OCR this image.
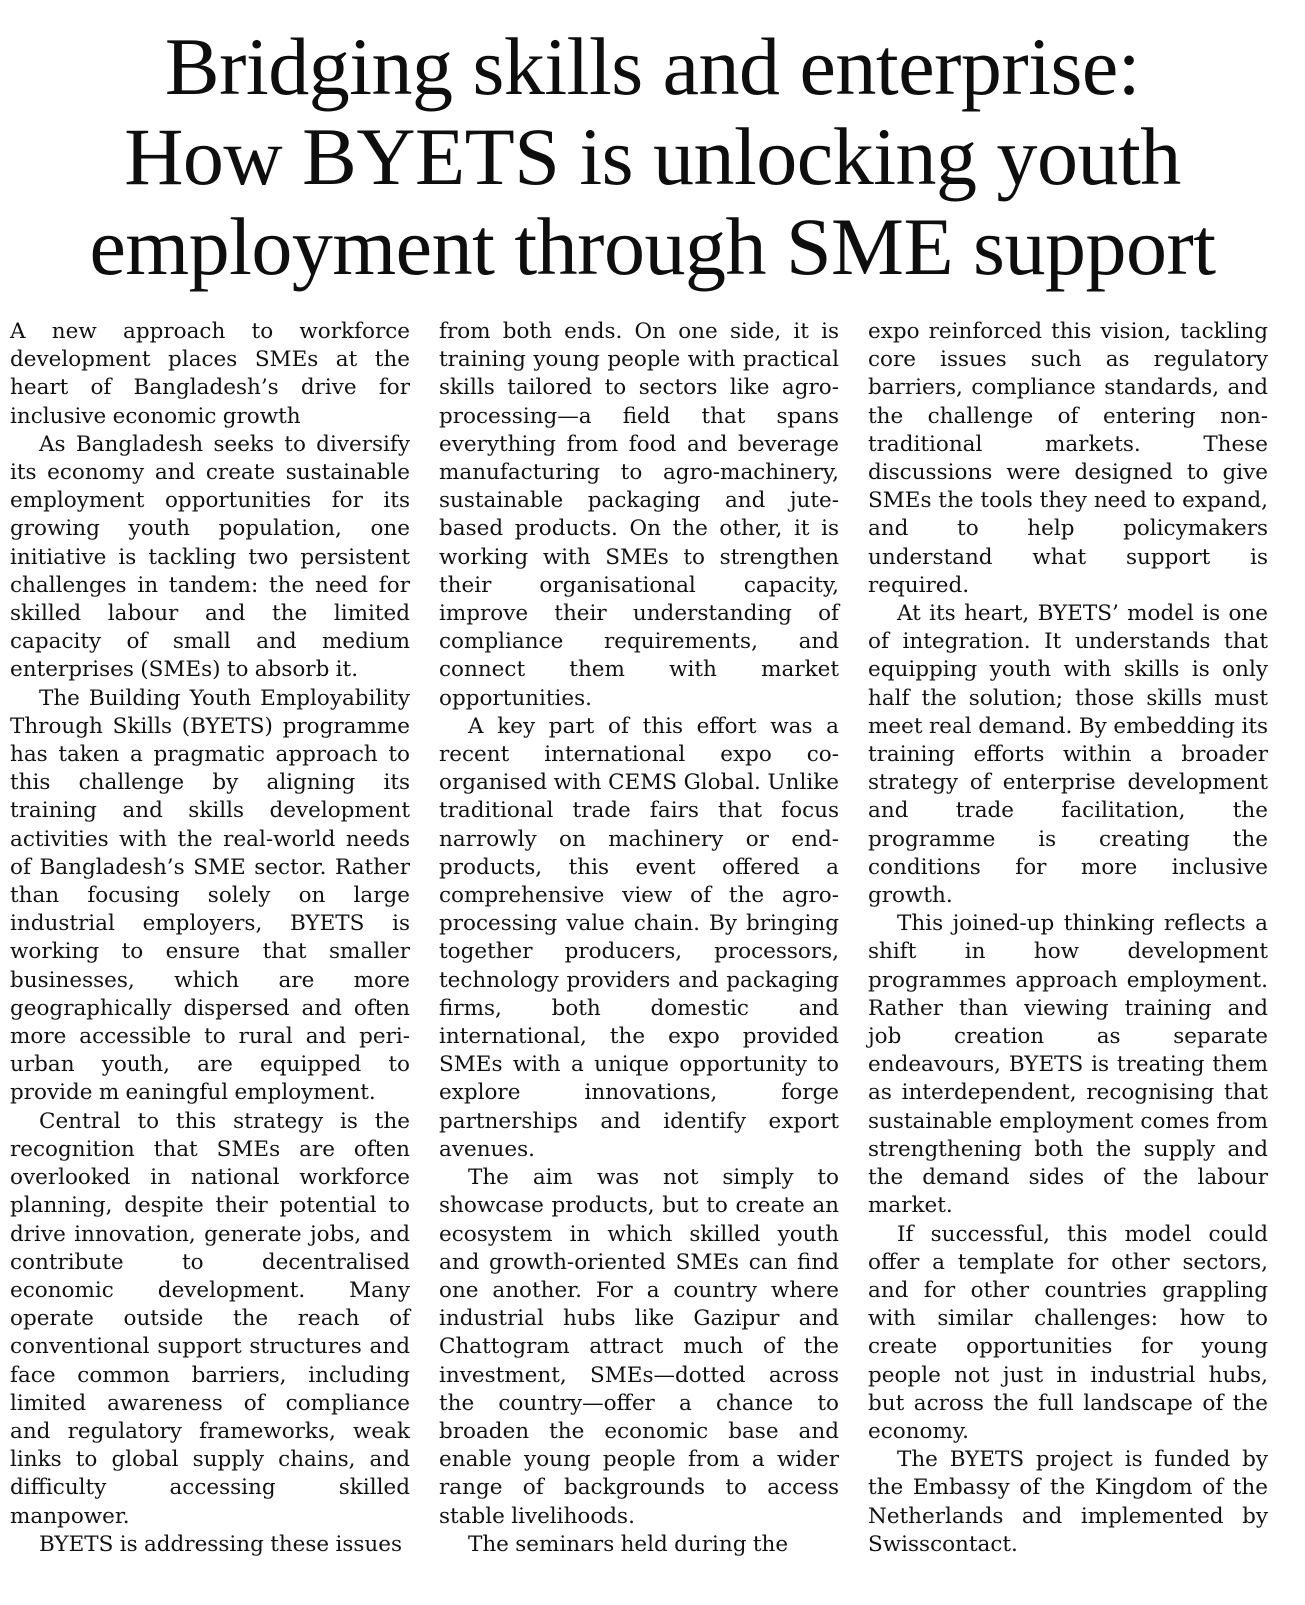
Bridging skills and enterprise:
How BYETS is unlocking youth
employment through SME support

A new approach to workforce development places SMEs at the heart of Bangladesh’s drive for inclusive economic growth

As Bangladesh seeks to diversify its economy and create sustainable employment opportunities for its growing youth population, one initiative is tackling two persistent challenges in tandem: the need for skilled labour and the limited capacity of small and medium enterprises (SMEs) to absorb it.

The Building Youth Employability Through Skills (BYETS) programme has taken a pragmatic approach to this challenge by aligning its training and skills development activities with the real-world needs of Bangladesh’s SME sector. Rather than focusing solely on large industrial employers, BYETS is working to ensure that smaller businesses, which are more geographically dispersed and often more accessible to rural and peri-urban youth, are equipped to provide m eaningful employment.

Central to this strategy is the recognition that SMEs are often overlooked in national workforce planning, despite their potential to drive innovation, generate jobs, and contribute to decentralised economic development. Many operate outside the reach of conventional support structures and face common barriers, including limited awareness of compliance and regulatory frameworks, weak links to global supply chains, and difficulty accessing skilled manpower.

BYETS is addressing these issues

from both ends. On one side, it is training young people with practical skills tailored to sectors like agro-processing—a field that spans everything from food and beverage manufacturing to agro-machinery, sustainable packaging and jute-based products. On the other, it is working with SMEs to strengthen their organisational capacity, improve their understanding of compliance requirements, and connect them with market opportunities.

A key part of this effort was a recent international expo co-organised with CEMS Global. Unlike traditional trade fairs that focus narrowly on machinery or end-products, this event offered a comprehensive view of the agro-processing value chain. By bringing together producers, processors, technology providers and packaging firms, both domestic and international, the expo provided SMEs with a unique opportunity to explore innovations, forge partnerships and identify export avenues.

The aim was not simply to showcase products, but to create an ecosystem in which skilled youth and growth-oriented SMEs can find one another. For a country where industrial hubs like Gazipur and Chattogram attract much of the investment, SMEs—dotted across the country—offer a chance to broaden the economic base and enable young people from a wider range of backgrounds to access stable livelihoods.

The seminars held during the

expo reinforced this vision, tackling core issues such as regulatory barriers, compliance standards, and the challenge of entering non-traditional markets. These discussions were designed to give SMEs the tools they need to expand, and to help policymakers understand what support is required.

At its heart, BYETS’ model is one of integration. It understands that equipping youth with skills is only half the solution; those skills must meet real demand. By embedding its training efforts within a broader strategy of enterprise development and trade facilitation, the programme is creating the conditions for more inclusive growth.

This joined-up thinking reflects a shift in how development programmes approach employment. Rather than viewing training and job creation as separate endeavours, BYETS is treating them as interdependent, recognising that sustainable employment comes from strengthening both the supply and the demand sides of the labour market.

If successful, this model could offer a template for other sectors, and for other countries grappling with similar challenges: how to create opportunities for young people not just in industrial hubs, but across the full landscape of the economy.

The BYETS project is funded by the Embassy of the Kingdom of the Netherlands and implemented by Swisscontact.
